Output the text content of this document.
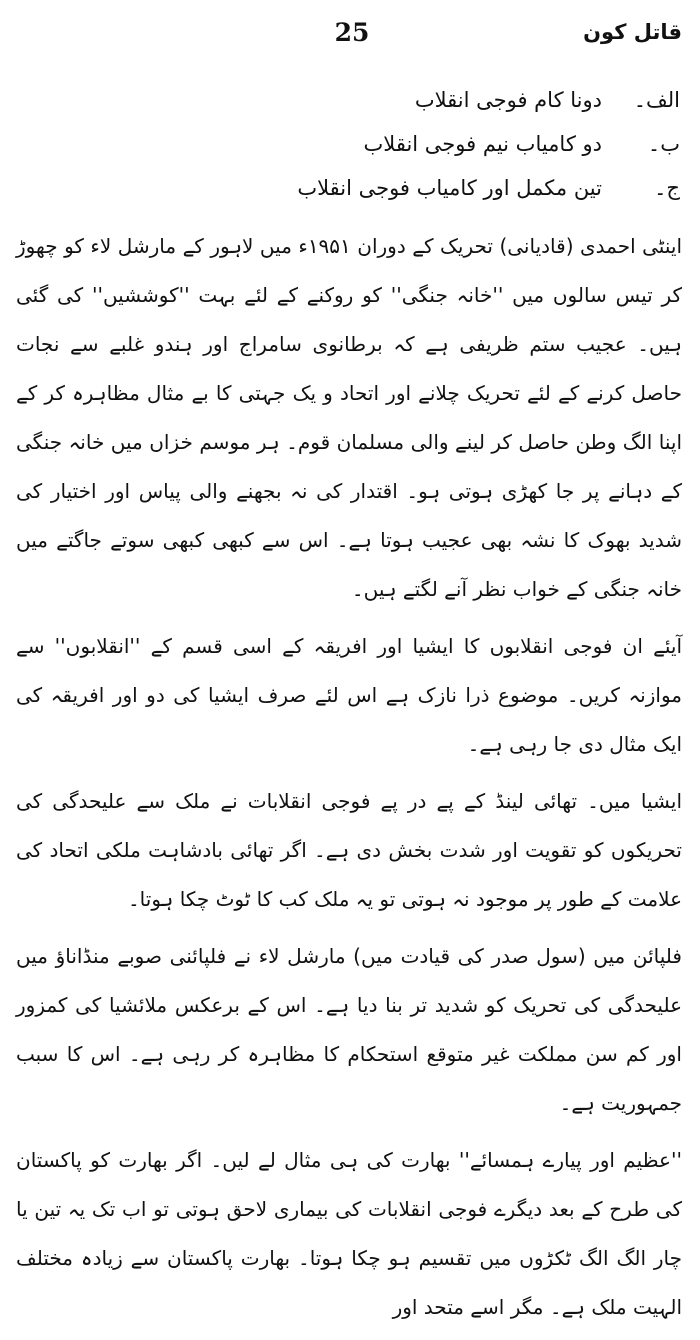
25	قاتل کون
الف۔دونا کام فوجی انقلاب
ب۔دو کامیاب نیم فوجی انقلاب
ج۔تین مکمل اور کامیاب فوجی انقلاب

اینٹی احمدی (قادیانی) تحریک کے دوران ۱۹۵۱ء میں لاہور کے مارشل لاء کو چھوڑ کر تیس سالوں میں ''خانہ جنگی'' کو روکنے کے لئے بہت ''کوششیں'' کی گئی ہیں۔ عجیب ستم ظریفی ہے کہ برطانوی سامراج اور ہندو غلبے سے نجات حاصل کرنے کے لئے تحریک چلانے اور اتحاد و یک جہتی کا بے مثال مظاہرہ کر کے اپنا الگ وطن حاصل کر لینے والی مسلمان قوم۔ ہر موسم خزاں میں خانہ جنگی کے دہانے پر جا کھڑی ہوتی ہو۔ اقتدار کی نہ بجھنے والی پیاس اور اختیار کی شدید بھوک کا نشہ بھی عجیب ہوتا ہے۔ اس سے کبھی کبھی سوتے جاگتے میں خانہ جنگی کے خواب نظر آنے لگتے ہیں۔

آیئے ان فوجی انقلابوں کا ایشیا اور افریقہ کے اسی قسم کے ''انقلابوں'' سے موازنہ کریں۔ موضوع ذرا نازک ہے اس لئے صرف ایشیا کی دو اور افریقہ کی ایک مثال دی جا رہی ہے۔

ایشیا میں۔ تھائی لینڈ کے پے در پے فوجی انقلابات نے ملک سے علیحدگی کی تحریکوں کو تقویت اور شدت بخش دی ہے۔ اگر تھائی بادشاہت ملکی اتحاد کی علامت کے طور پر موجود نہ ہوتی تو یہ ملک کب کا ٹوٹ چکا ہوتا۔

فلپائن میں (سول صدر کی قیادت میں) مارشل لاء نے فلپائنی صوبے منڈاناؤ میں علیحدگی کی تحریک کو شدید تر بنا دیا ہے۔ اس کے برعکس ملائشیا کی کمزور اور کم سن مملکت غیر متوقع استحکام کا مظاہرہ کر رہی ہے۔ اس کا سبب جمہوریت ہے۔

''عظیم اور پیارے ہمسائے'' بھارت کی ہی مثال لے لیں۔ اگر بھارت کو پاکستان کی طرح کے بعد دیگرے فوجی انقلابات کی بیماری لاحق ہوتی تو اب تک یہ تین یا چار الگ الگ ٹکڑوں میں تقسیم ہو چکا ہوتا۔ بھارت پاکستان سے زیادہ مختلف الہیت ملک ہے۔ مگر اسے متحد اور
